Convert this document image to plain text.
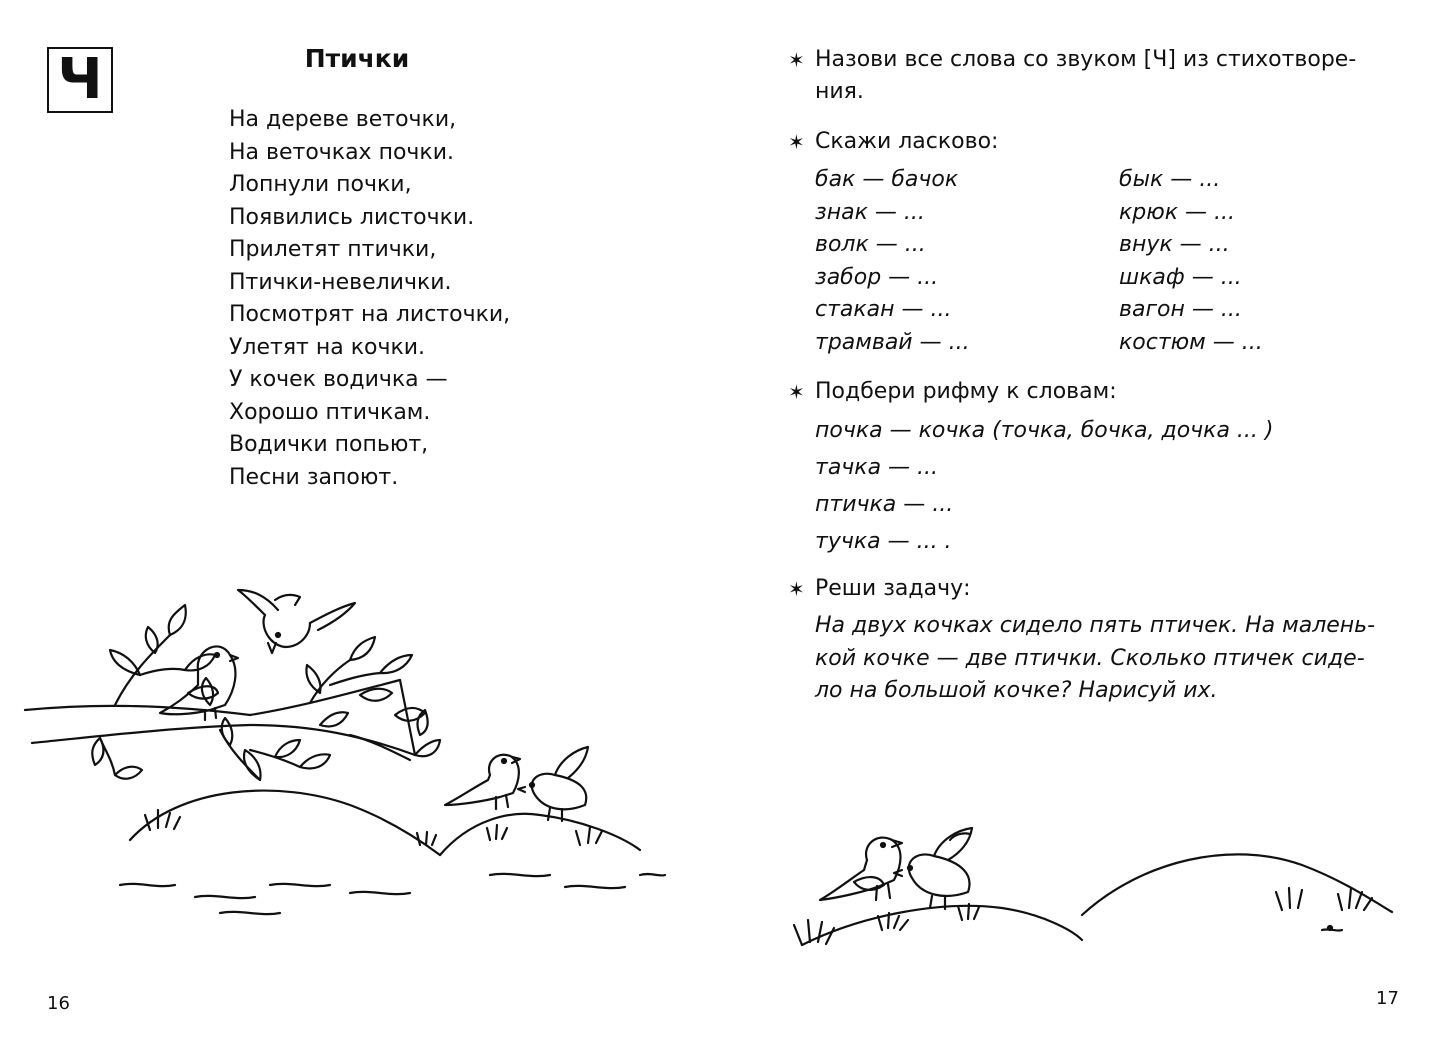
Ч	Птички
На дереве веточки,
На веточках почки.
Лопнули почки,
Появились листочки.
Прилетят птички,
Птички-невелички.
Посмотрят на листочки,
Улетят на кочки.
У кочек водичка —
Хорошо птичкам.
Водички попьют,
Песни запоют.
16
✶ Назови все слова со звуком [Ч] из стихотворе-
ния.
✶ Скажи ласково:
бак — бачок	бык — ...
знак — ...	крюк — ...
волк — ...	внук — ...
забор — ...	шкаф — ...
стакан — ...	вагон — ...
трамвай — ...	костюм — ...
✶ Подбери рифму к словам:
почка — кочка (точка, бочка, дочка ... )
тачка — ...
птичка — ...
тучка — ... .
✶ Реши задачу:
На двух кочках сидело пять птичек. На малень-
кой кочке — две птички. Сколько птичек сиде-
ло на большой кочке? Нарисуй их.
17
